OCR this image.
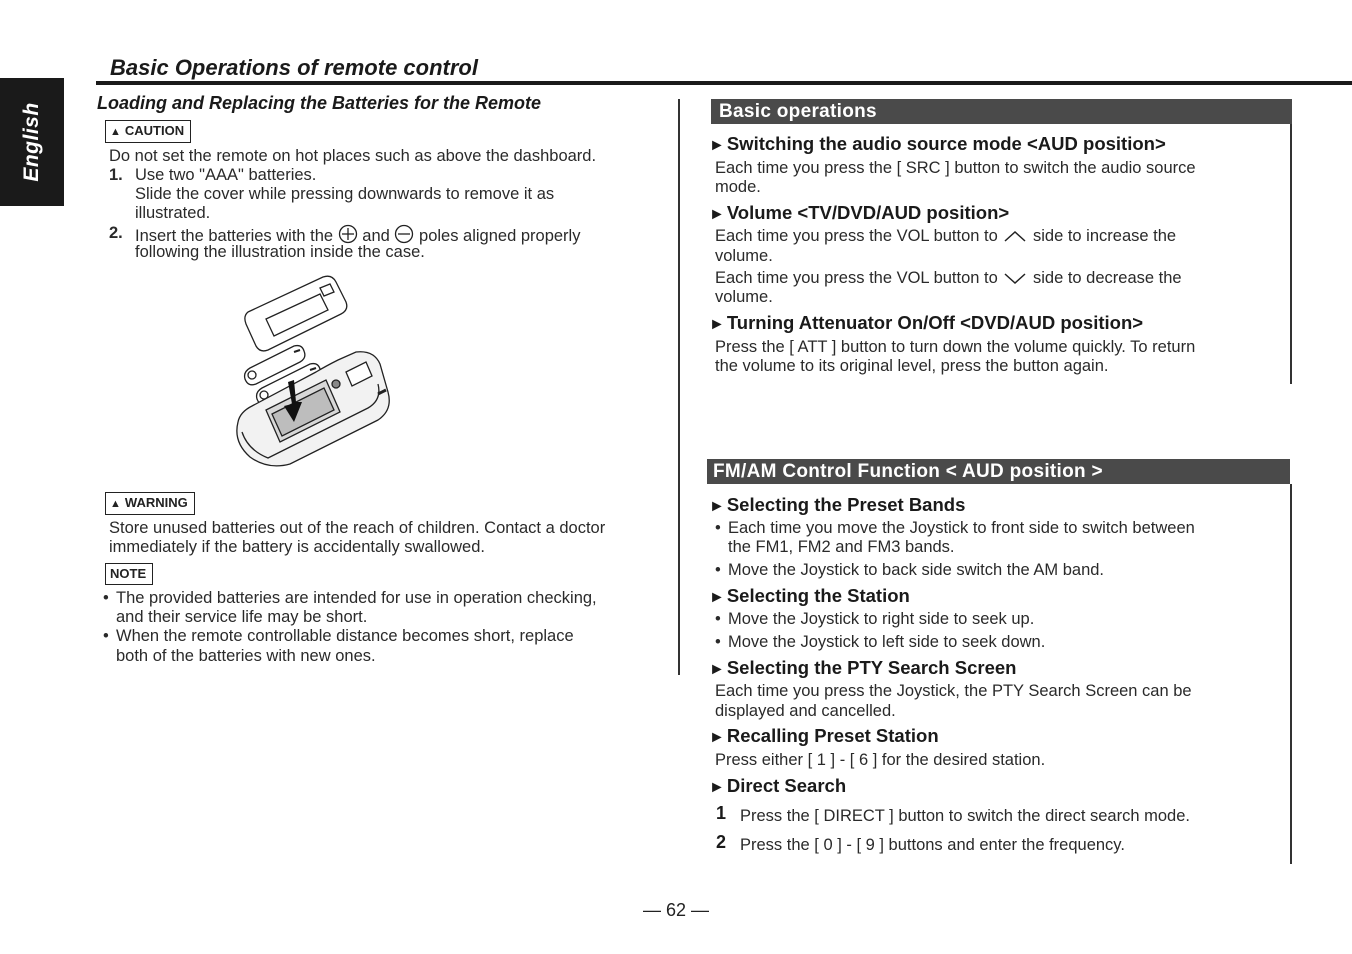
English
Basic Operations of remote control
Loading and Replacing the Batteries for the Remote
▲ CAUTION
Do not set the remote on hot places such as above the dashboard.
1. Use two "AAA" batteries.
Slide the cover while pressing downwards to remove it as
illustrated.
2. Insert the batteries with the and poles aligned properly
following the illustration inside the case.
▲ WARNING
Store unused batteries out of the reach of children. Contact a doctor
immediately if the battery is accidentally swallowed.
NOTE
• The provided batteries are intended for use in operation checking,
and their service life may be short.
• When the remote controllable distance becomes short, replace
both of the batteries with new ones.
Basic operations
► Switching the audio source mode <AUD position>
Each time you press the [ SRC ] button to switch the audio source
mode.
► Volume <TV/DVD/AUD position>
Each time you press the VOL button to side to increase the
volume.
Each time you press the VOL button to side to decrease the
volume.
► Turning Attenuator On/Off <DVD/AUD position>
Press the [ ATT ] button to turn down the volume quickly. To return
the volume to its original level, press the button again.
FM/AM Control Function < AUD position >
► Selecting the Preset Bands
• Each time you move the Joystick to front side to switch between
the FM1, FM2 and FM3 bands.
• Move the Joystick to back side switch the AM band.
► Selecting the Station
• Move the Joystick to right side to seek up.
• Move the Joystick to left side to seek down.
► Selecting the PTY Search Screen
Each time you press the Joystick, the PTY Search Screen can be
displayed and cancelled.
► Recalling Preset Station
Press either [ 1 ] - [ 6 ] for the desired station.
► Direct Search
1 Press the [ DIRECT ] button to switch the direct search mode.
2 Press the [ 0 ] - [ 9 ] buttons and enter the frequency.
— 62 —
